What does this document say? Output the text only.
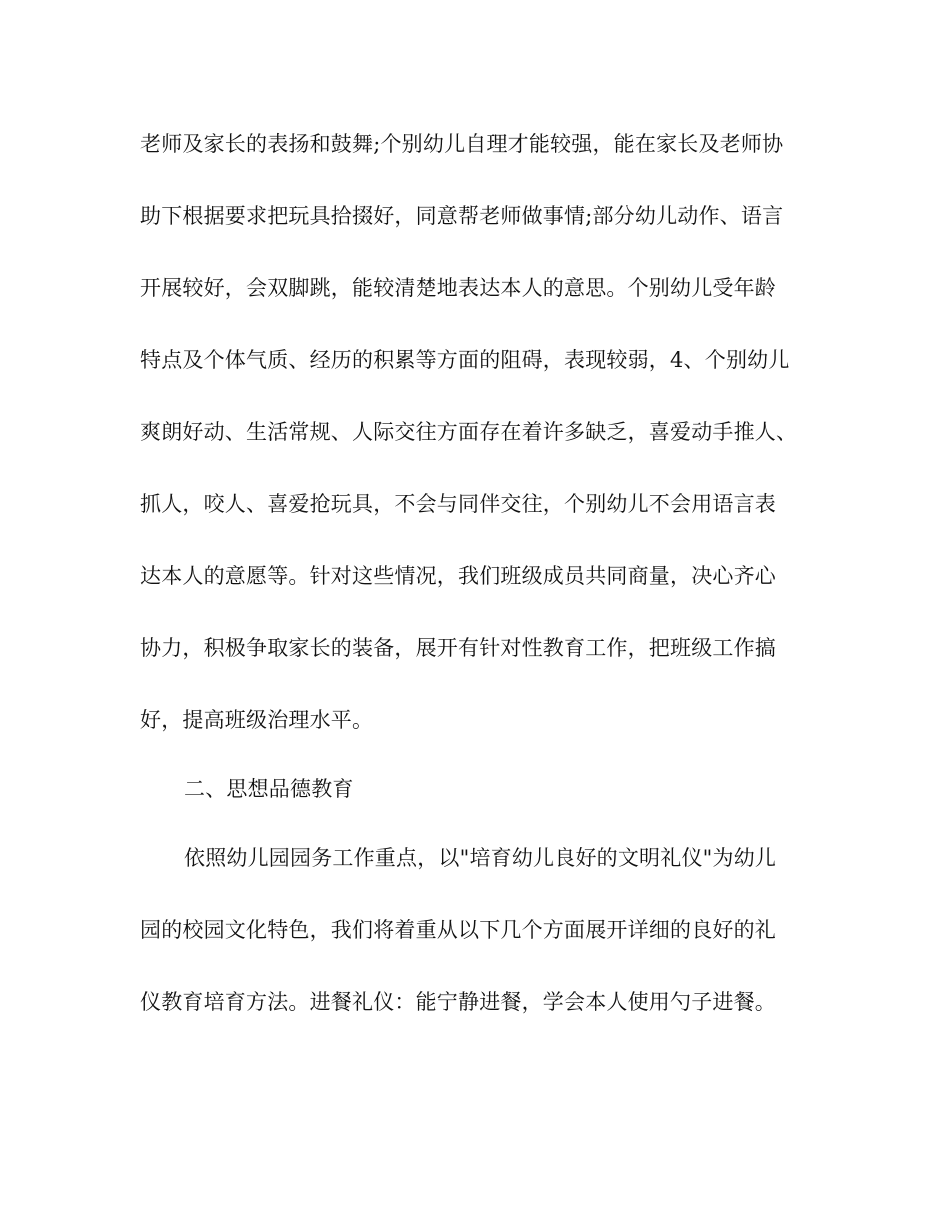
老师及家长的表扬和鼓舞;个别幼儿自理才能较强，能在家长及老师协
助下根据要求把玩具拾掇好，同意帮老师做事情;部分幼儿动作、语言
开展较好，会双脚跳，能较清楚地表达本人的意思。个别幼儿受年龄
特点及个体气质、经历的积累等方面的阻碍，表现较弱，4、个别幼儿
爽朗好动、生活常规、人际交往方面存在着许多缺乏，喜爱动手推人、
抓人，咬人、喜爱抢玩具，不会与同伴交往，个别幼儿不会用语言表
达本人的意愿等。针对这些情况，我们班级成员共同商量，决心齐心
协力，积极争取家长的装备，展开有针对性教育工作，把班级工作搞
好，提高班级治理水平。
二、思想品德教育
依照幼儿园园务工作重点，以"培育幼儿良好的文明礼仪"为幼儿
园的校园文化特色，我们将着重从以下几个方面展开详细的良好的礼
仪教育培育方法。进餐礼仪：能宁静进餐，学会本人使用勺子进餐。
